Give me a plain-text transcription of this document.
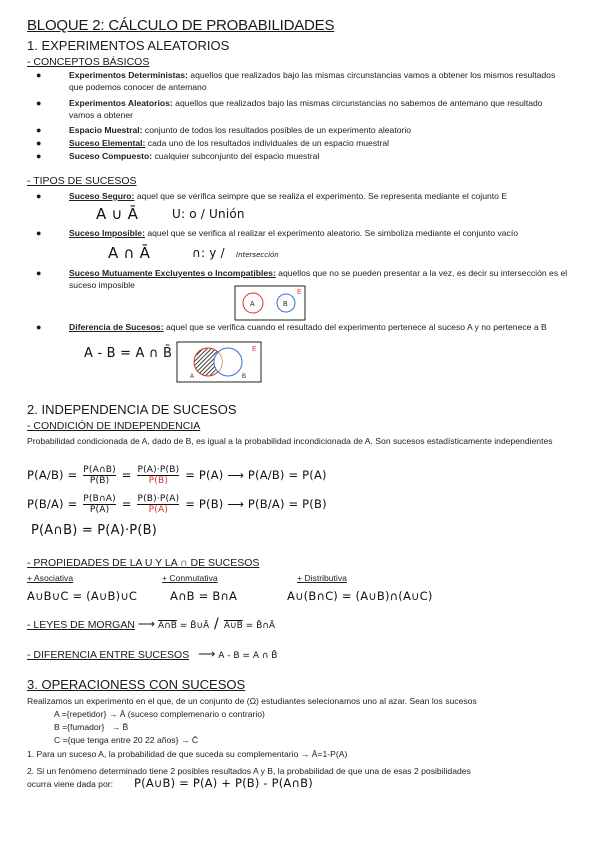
BLOQUE 2: CÁLCULO DE PROBABILIDADES
1. EXPERIMENTOS ALEATORIOS
- CONCEPTOS BÁSICOS
●	Experimentos Deterministas: aquellos que realizados bajo las mismas circunstancias vamos a obtener los mismos resultados que podemos conocer de antemano
●	Experimentos Aleatorios: aquellos que realizados bajo las mismas circunstancias no sabemos de antemano que resultado vamos a obtener
●	Espacio Muestral: conjunto de todos los resultados posibles de un experimento aleatorio
●	Suceso Elemental: cada uno de los resultados individuales de un espacio muestral
●	Suceso Compuesto: cualquier subconjunto del espacio muestral
- TIPOS DE SUCESOS
●	Suceso Seguro: aquel que se verifica seimpre que se realiza el experimento. Se representa mediante el cojunto E
A ∪ Ā	U: o / Unión
●	Suceso Imposible: aquel que se verifica al realizar el experimento aleatorio. Se simboliza mediante el conjunto vacío
A ∩ Ā	∩: y / Intersección
●	Suceso Mutuamente Excluyentes o Incompatibles: aquellos que no se pueden presentar a la vez, es decir su intersección es el suceso imposible
E
A	B
●	Diferencia de Sucesos: aquel que se verifica cuando el resultado del experimento pertenece al suceso A y no pertenece a B
A - B = A ∩ B̄	E
A	B
2. INDEPENDENCIA DE SUCESOS
- CONDICIÓN DE INDEPENDENCIA
Probabilidad condicionada de A, dado de B, es igual a la probabilidad incondicionada de A. Son sucesos estadísticamente independientes
$P(A/B) = \frac{P(A\cap B)}{P(B)} = \frac{P(A)\cdot P(B)}{P(B)} = P(A)$ ⟶ P(A/B) = P(A)
$P(B/A) = \frac{P(B\cap A)}{P(A)} = \frac{P(B)\cdot P(A)}{P(A)} = P(B)$ ⟶ P(B/A) = P(B)
P(A∩B) = P(A)·P(B)
- PROPIEDADES DE LA U Y LA ∩ DE SUCESOS
+ Asociativa	+ Conmutativa	+ Distributiva
A∪B∪C = (A∪B)∪C	A∩B = B∩A	A∪(B∩C) = (A∪B)∩(A∪C)
- LEYES DE MORGAN ⟶ A∩B = B̄∪Ā / A∪B = B̄∩Ā
- DIFERENCIA ENTRE SUCESOS ⟶ A - B = A ∩ B̄
3. OPERACIONESS CON SUCESOS
Realizamos un experimento en el que, de un conjunto de (Ω) estudiantes selecionamos uno al azar. Sean los sucesos
A ={repetidor} → Ā (suceso complemenario o contrario)
B ={fumador}   → B̄
C ={que tenga entre 20 22 años} → C̄
1. Para un suceso A, la probabilidad de que suceda su complementario → Ā=1-P(A)
2. Si un fenómeno determinado tiene 2 posibles resultados A y B, la probabilidad de que una de esas 2 posibilidades
ocurra viene dada por: P(A∪B) = P(A) + P(B) - P(A∩B)
